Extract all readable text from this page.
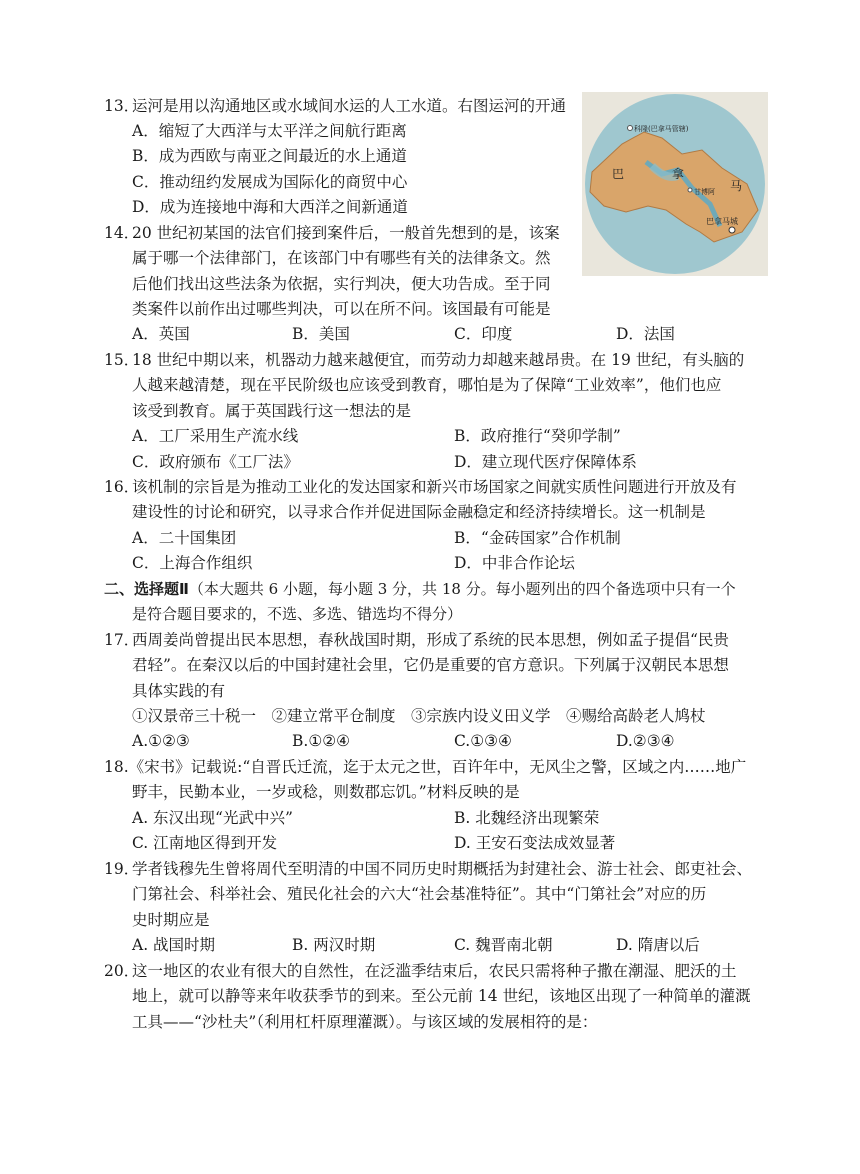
科隆(巴拿马管辖)
巴	拿
马
甘博阿
巴拿马城
13．
运河是用以沟通地区或水域间水运的人工水道。右图运河的开通
A．缩短了大西洋与太平洋之间航行距离
B．成为西欧与南亚之间最近的水上通道
C．推动纽约发展成为国际化的商贸中心
D．成为连接地中海和大西洋之间新通道
14．
20 世纪初某国的法官们接到案件后，一般首先想到的是，该案
属于哪一个法律部门，在该部门中有哪些有关的法律条文。然
后他们找出这些法条为依据，实行判决，便大功告成。至于同
类案件以前作出过哪些判决，可以在所不问。该国最有可能是
A．英国	B．美国	C．印度	D．法国
15．
18 世纪中期以来，机器动力越来越便宜，而劳动力却越来越昂贵。在 19 世纪，有头脑的
人越来越清楚，现在平民阶级也应该受到教育，哪怕是为了保障“工业效率”，他们也应
该受到教育。属于英国践行这一想法的是
A．工厂采用生产流水线	B．政府推行“癸卯学制”
C．政府颁布《工厂法》	D．建立现代医疗保障体系
16．
该机制的宗旨是为推动工业化的发达国家和新兴市场国家之间就实质性问题进行开放及有
建设性的讨论和研究，以寻求合作并促进国际金融稳定和经济持续增长。这一机制是
A．二十国集团	B．“金砖国家”合作机制
C．上海合作组织	D．中非合作论坛
二、选择题Ⅱ（本大题共 6 小题，每小题 3 分，共 18 分。每小题列出的四个备选项中只有一个
是符合题目要求的，不选、多选、错选均不得分）
17．
西周姜尚曾提出民本思想，春秋战国时期，形成了系统的民本思想，例如孟子提倡“民贵
君轻”。在秦汉以后的中国封建社会里，它仍是重要的官方意识。下列属于汉朝民本思想
具体实践的有
①汉景帝三十税一　②建立常平仓制度　③宗族内设义田义学　④赐给高龄老人鸠杖
A.①②③	B.①②④	C.①③④	D.②③④
18.《宋书》记载说:“自晋氏迁流，迄于太元之世，百许年中，无风尘之警，区域之内……地广
野丰，民勤本业，一岁或稔，则数郡忘饥。”材料反映的是
A. 东汉出现“光武中兴”	B. 北魏经济出现繁荣
C. 江南地区得到开发	D. 王安石变法成效显著
19．
学者钱穆先生曾将周代至明清的中国不同历史时期概括为封建社会、游士社会、郎吏社会、
门第社会、科举社会、殖民化社会的六大“社会基准特征”。其中“门第社会”对应的历
史时期应是
A. 战国时期	B. 两汉时期	C. 魏晋南北朝	D. 隋唐以后
20．
这一地区的农业有很大的自然性，在泛滥季结束后，农民只需将种子撒在潮湿、肥沃的土
地上，就可以静等来年收获季节的到来。至公元前 14 世纪，该地区出现了一种简单的灌溉
工具——“沙杜夫”（利用杠杆原理灌溉）。与该区域的发展相符的是：
